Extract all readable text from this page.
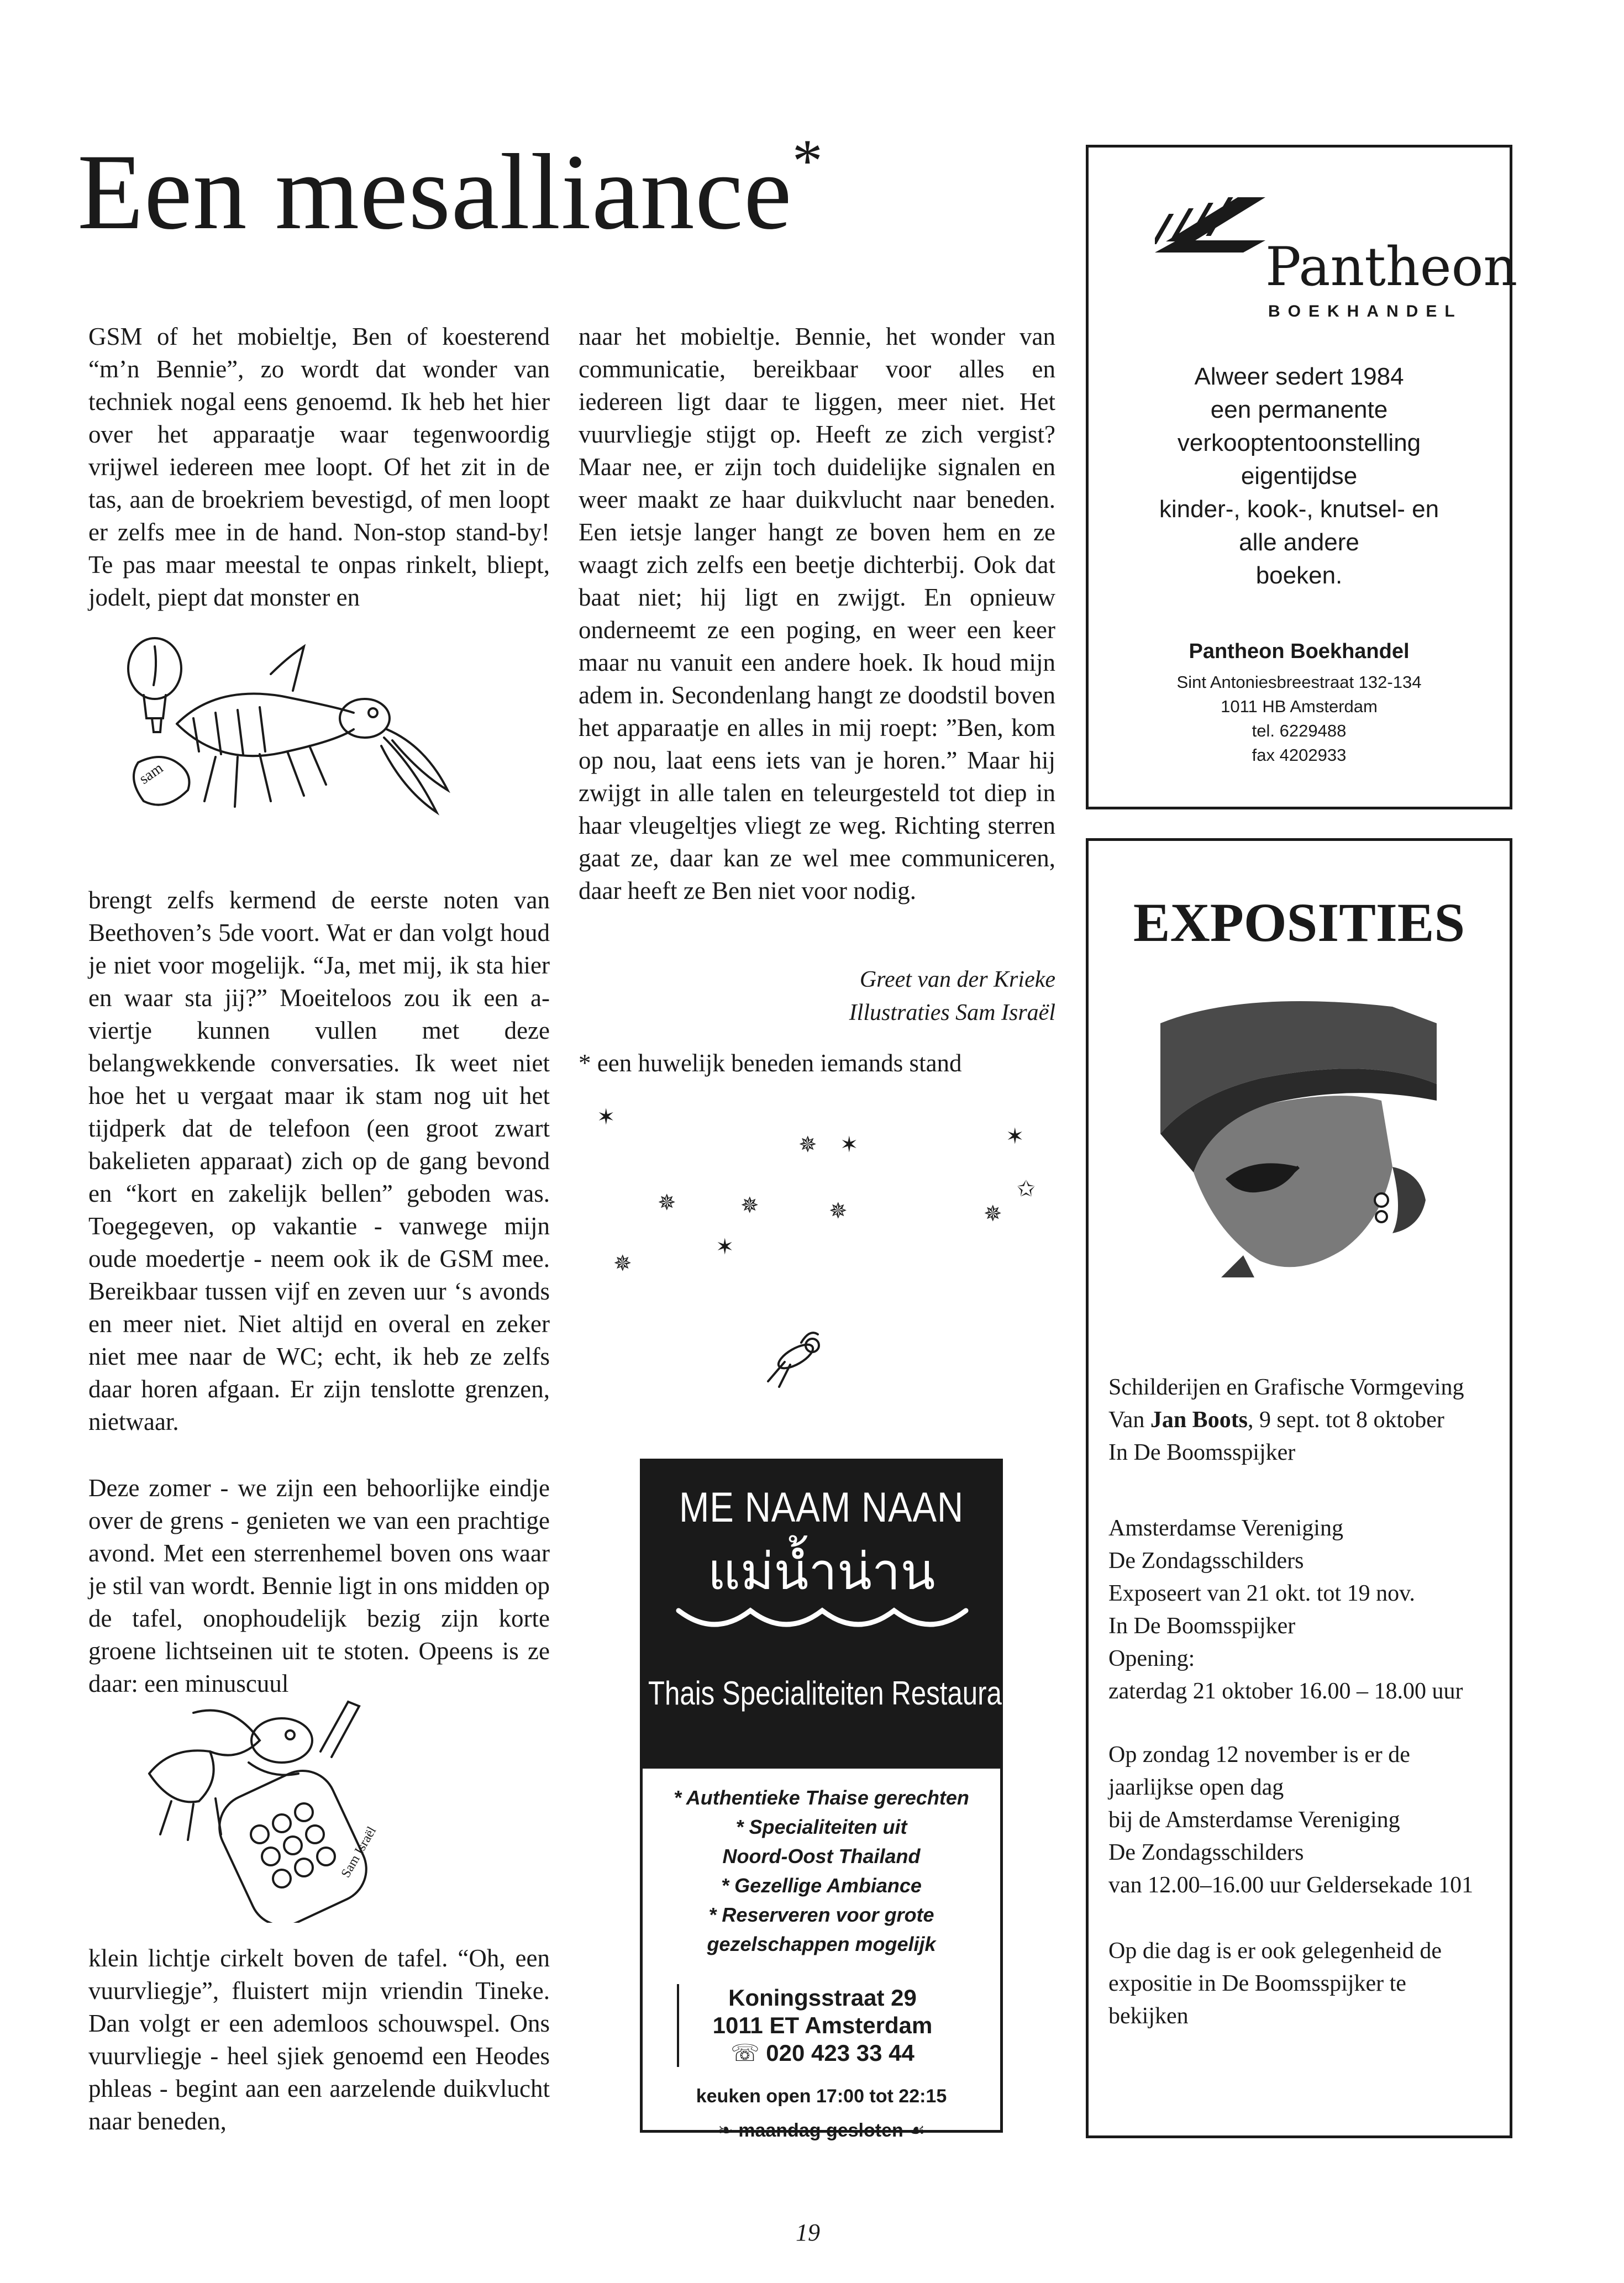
Een mesalliance*

GSM of het mobieltje, Ben of koesterend “m’n Bennie”, zo wordt dat wonder van techniek nogal eens genoemd. Ik heb het hier over het apparaatje waar tegenwoordig vrijwel iedereen mee loopt. Of het zit in de tas, aan de broekriem bevestigd, of men loopt er zelfs mee in de hand. Non-stop stand-by! Te pas maar meestal te onpas rinkelt, bliept, jodelt, piept dat monster en

sam

brengt zelfs kermend de eerste noten van Beethoven’s 5de voort. Wat er dan volgt houd je niet voor mogelijk. “Ja, met mij, ik sta hier en waar sta jij?” Moeiteloos zou ik een a-viertje kunnen vullen met deze belangwekkende conversaties. Ik weet niet hoe het u vergaat maar ik stam nog uit het tijdperk dat de telefoon (een groot zwart bakelieten apparaat) zich op de gang bevond en “kort en zakelijk bellen” geboden was. Toegegeven, op vakantie - vanwege mijn oude moedertje - neem ook ik de GSM mee. Bereikbaar tussen vijf en zeven uur ‘s avonds en meer niet. Niet altijd en overal en zeker niet mee naar de WC; echt, ik heb ze zelfs daar horen afgaan. Er zijn tenslotte grenzen, nietwaar.

Deze zomer - we zijn een behoorlijke eindje over de grens - genieten we van een prachtige avond. Met een sterrenhemel boven ons waar je stil van wordt. Bennie ligt in ons midden op de tafel, onophoudelijk bezig zijn korte groene lichtseinen uit te stoten. Opeens is ze daar: een minuscuul

Sam Israël

klein lichtje cirkelt boven de tafel. “Oh, een vuurvliegje”, fluistert mijn vriendin Tineke. Dan volgt er een ademloos schouwspel. Ons vuurvliegje - heel sjiek genoemd een Heodes phleas - begint aan een aarzelende duikvlucht naar beneden,

naar het mobieltje. Bennie, het wonder van communicatie, bereikbaar voor alles en iedereen ligt daar te liggen, meer niet. Het vuurvliegje stijgt op. Heeft ze zich vergist? Maar nee, er zijn toch duidelijke signalen en weer maakt ze haar duikvlucht naar beneden. Een ietsje langer hangt ze boven hem en ze waagt zich zelfs een beetje dichterbij. Ook dat baat niet; hij ligt en zwijgt. En opnieuw onderneemt ze een poging, en weer een keer maar nu vanuit een andere hoek. Ik houd mijn adem in. Secondenlang hangt ze doodstil boven het apparaatje en alles in mij roept: ”Ben, kom op nou, laat eens iets van je horen.” Maar hij zwijgt in alle talen en teleurgesteld tot diep in haar vleugeltjes vliegt ze weg. Richting sterren gaat ze, daar kan ze wel mee communiceren, daar heeft ze Ben niet voor nodig.

Greet van der Krieke
Illustraties Sam Israël
* een huwelijk beneden iemands stand
✶
✵ ✶	✶
✩
✵	✵	✵	✵
✶
✵
ME NAAM NAAN
แม่น้ำน่าน
Thais Specialiteiten Restaurant
* Authentieke Thaise gerechten
* Specialiteiten uit
Noord-Oost Thailand
* Gezellige Ambiance
* Reserveren voor grote
gezelschappen mogelijk
Koningsstraat 29
1011 ET Amsterdam
☏ 020 423 33 44
keuken open 17:00 tot 22:15
❧ maandag gesloten ☙
Pantheon
BOEKHANDEL
Alweer sedert 1984
een permanente
verkooptentoonstelling
eigentijdse
kinder-, kook-, knutsel- en
alle andere
boeken.
Pantheon Boekhandel
Sint Antoniesbreestraat 132-134
1011 HB Amsterdam
tel. 6229488
fax 4202933
EXPOSITIES
Schilderijen en Grafische Vormgeving
Van Jan Boots, 9 sept. tot 8 oktober
In De Boomsspijker
Amsterdamse Vereniging
De Zondagsschilders
Exposeert van 21 okt. tot 19 nov.
In De Boomsspijker
Opening:
zaterdag 21 oktober 16.00 – 18.00 uur
Op zondag 12 november is er de
jaarlijkse open dag
bij de Amsterdamse Vereniging
De Zondagsschilders
van 12.00–16.00 uur Geldersekade 101
Op die dag is er ook gelegenheid de
expositie in De Boomsspijker te
bekijken
19
